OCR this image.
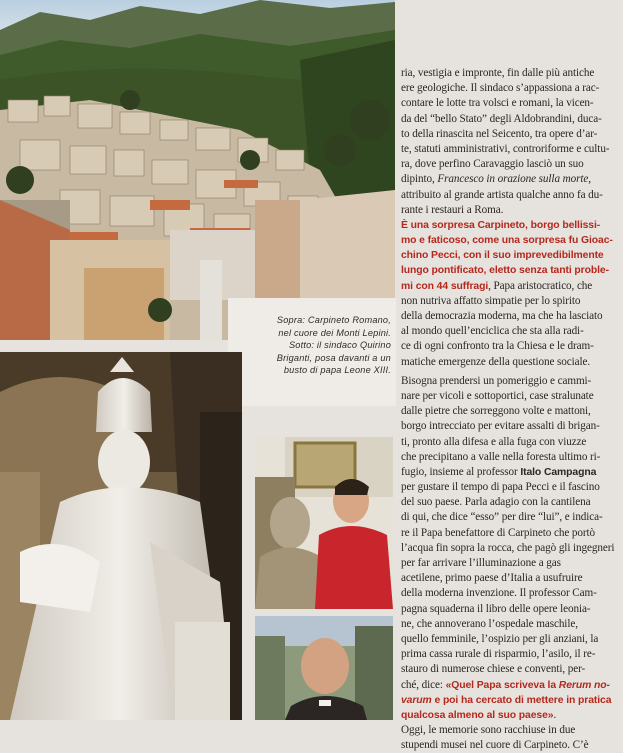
Sopra: Carpineto Romano,
nel cuore dei Monti Lepini.
Sotto: il sindaco Quirino
Briganti, posa davanti a un
busto di papa Leone XIII.
ria, vestigia e impronte, fin dalle più antiche
ere geologiche. Il sindaco s’appassiona a rac-
contare le lotte tra volsci e romani, la vicen-
da del “bello Stato” degli Aldobrandini, duca-
to della rinascita nel Seicento, tra opere d’ar-
te, statuti amministrativi, controriforme e cultu-
ra, dove perfino Caravaggio lasciò un suo
dipinto, Francesco in orazione sulla morte,
attribuito al grande artista qualche anno fa du-
rante i restauri a Roma.
È una sorpresa Carpineto, borgo bellissi-
mo e faticoso, come una sorpresa fu Gioac-
chino Pecci, con il suo imprevedibilmente
lungo pontificato, eletto senza tanti proble-
mi con 44 suffragi, Papa aristocratico, che
non nutriva affatto simpatie per lo spirito
della democrazia moderna, ma che ha lasciato
al mondo quell’enciclica che sta alla radi-
ce di ogni confronto tra la Chiesa e le dram-
matiche emergenze della questione sociale.
Bisogna prendersi un pomeriggio e cammi-
nare per vicoli e sottoportici, case stralunate
dalle pietre che sorreggono volte e mattoni,
borgo intrecciato per evitare assalti di brigan-
ti, pronto alla difesa e alla fuga con viuzze
che precipitano a valle nella foresta ultimo ri-
fugio, insieme al professor Italo Campagna
per gustare il tempo di papa Pecci e il fascino
del suo paese. Parla adagio con la cantilena
di qui, che dice “esso” per dire “lui”, e indica-
re il Papa benefattore di Carpineto che portò
l’acqua fin sopra la rocca, che pagò gli ingegneri
per far arrivare l’illuminazione a gas
acetilene, primo paese d’Italia a usufruire
della moderna invenzione. Il professor Cam-
pagna squaderna il libro delle opere leonia-
ne, che annoverano l’ospedale maschile,
quello femminile, l’ospizio per gli anziani, la
prima cassa rurale di risparmio, l’asilo, il re-
stauro di numerose chiese e conventi, per-
ché, dice: «Quel Papa scriveva la Rerum no-
varum e poi ha cercato di mettere in pratica
qualcosa almeno al suo paese».
Oggi, le memorie sono racchiuse in due
stupendi musei nel cuore di Carpineto. C’è
